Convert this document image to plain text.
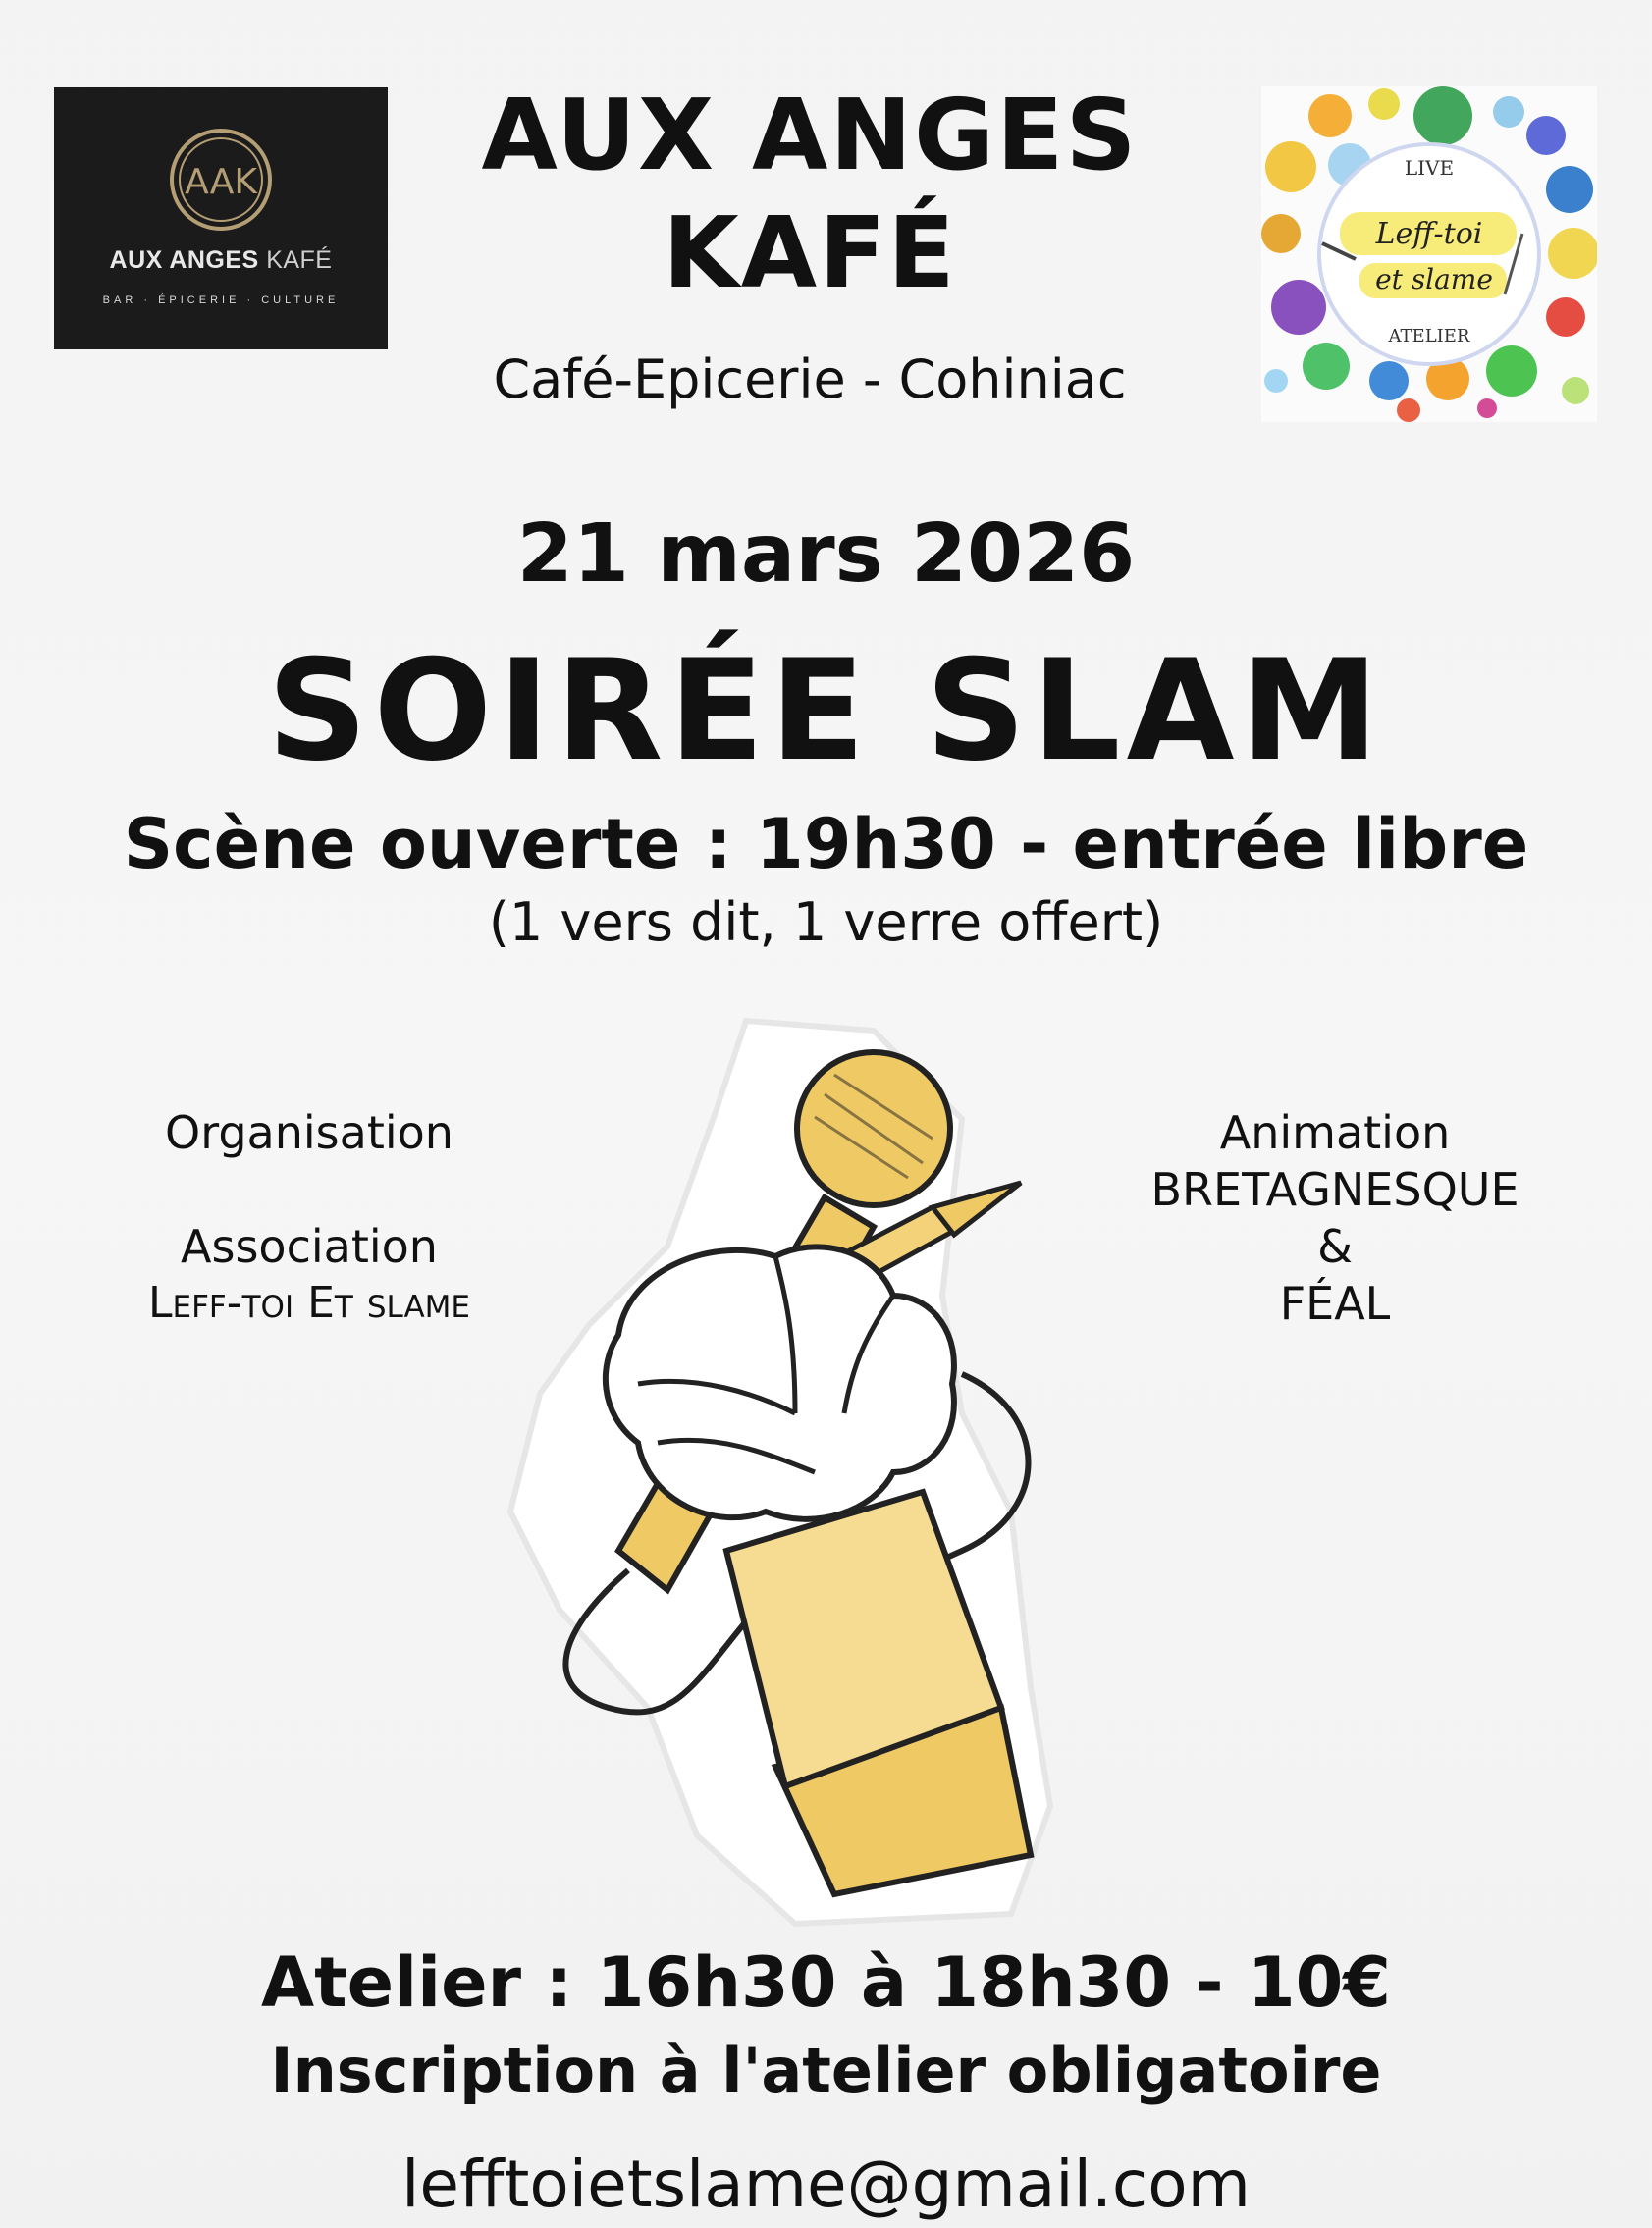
AAK
AUX ANGES KAFÉ
BAR · ÉPICERIE · CULTURE
AUX ANGES
KAFÉ
Café-Epicerie - Cohiniac
LIVE
Leff-toi
et slame
ATELIER
21 mars 2026
SOIRÉE SLAM
Scène ouverte : 19h30 - entrée libre
(1 vers dit, 1 verre offert)
Organisation
Association
Leff-toi Et slame
Animation
BRETAGNESQUE
&
FÉAL
Atelier : 16h30 à 18h30 - 10€
Inscription à l'atelier obligatoire
lefftoietslame@gmail.com
